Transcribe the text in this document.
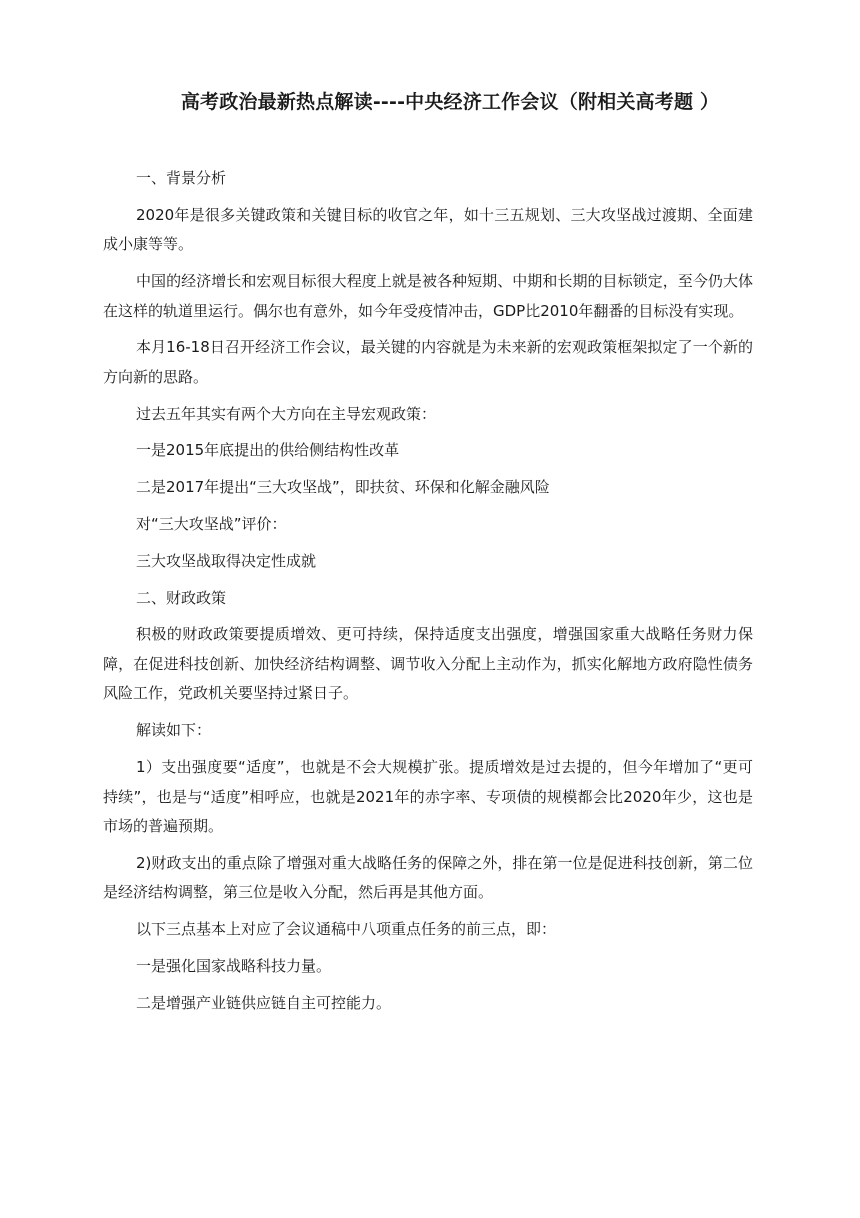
高考政治最新热点解读----中央经济工作会议（附相关高考题 ）

一、背景分析

2020年是很多关键政策和关键目标的收官之年，如十三五规划、三大攻坚战过渡期、全面建成小康等等。

中国的经济增长和宏观目标很大程度上就是被各种短期、中期和长期的目标锁定，至今仍大体在这样的轨道里运行。偶尔也有意外，如今年受疫情冲击，GDP比2010年翻番的目标没有实现。

本月16-18日召开经济工作会议，最关键的内容就是为未来新的宏观政策框架拟定了一个新的方向新的思路。

过去五年其实有两个大方向在主导宏观政策：

一是2015年底提出的供给侧结构性改革

二是2017年提出“三大攻坚战”，即扶贫、环保和化解金融风险

对“三大攻坚战”评价：

三大攻坚战取得决定性成就

二、财政政策

积极的财政政策要提质增效、更可持续，保持适度支出强度，增强国家重大战略任务财力保障，在促进科技创新、加快经济结构调整、调节收入分配上主动作为，抓实化解地方政府隐性债务风险工作，党政机关要坚持过紧日子。

解读如下：

1）支出强度要“适度”，也就是不会大规模扩张。提质增效是过去提的，但今年增加了“更可持续”，也是与“适度”相呼应，也就是2021年的赤字率、专项债的规模都会比2020年少，这也是市场的普遍预期。

2)财政支出的重点除了增强对重大战略任务的保障之外，排在第一位是促进科技创新，第二位是经济结构调整，第三位是收入分配，然后再是其他方面。

以下三点基本上对应了会议通稿中八项重点任务的前三点，即：

一是强化国家战略科技力量。

二是增强产业链供应链自主可控能力。
